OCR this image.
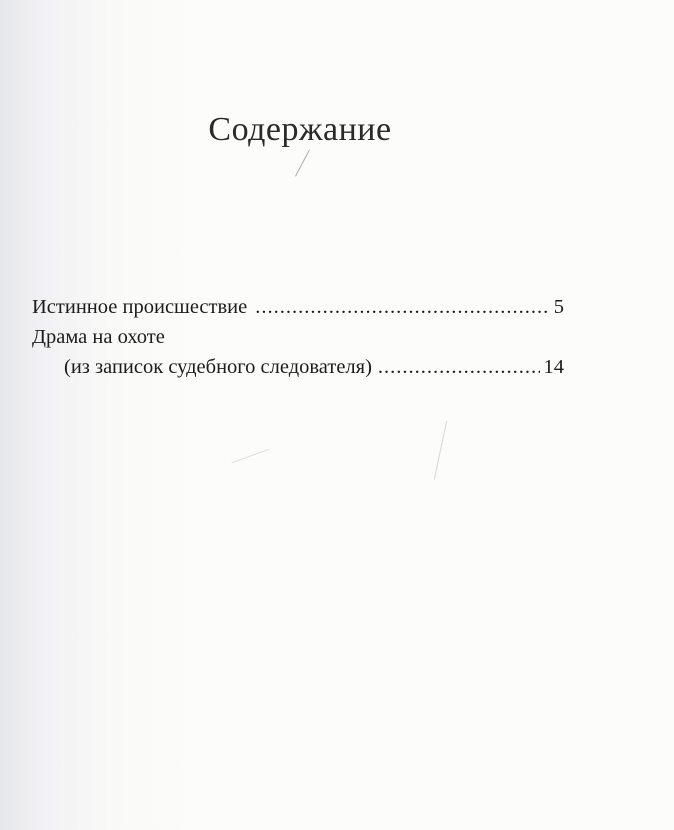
Содержание
Истинное происшествие .....	5
Драма на охоте
(из записок судебного следователя) .....	14
